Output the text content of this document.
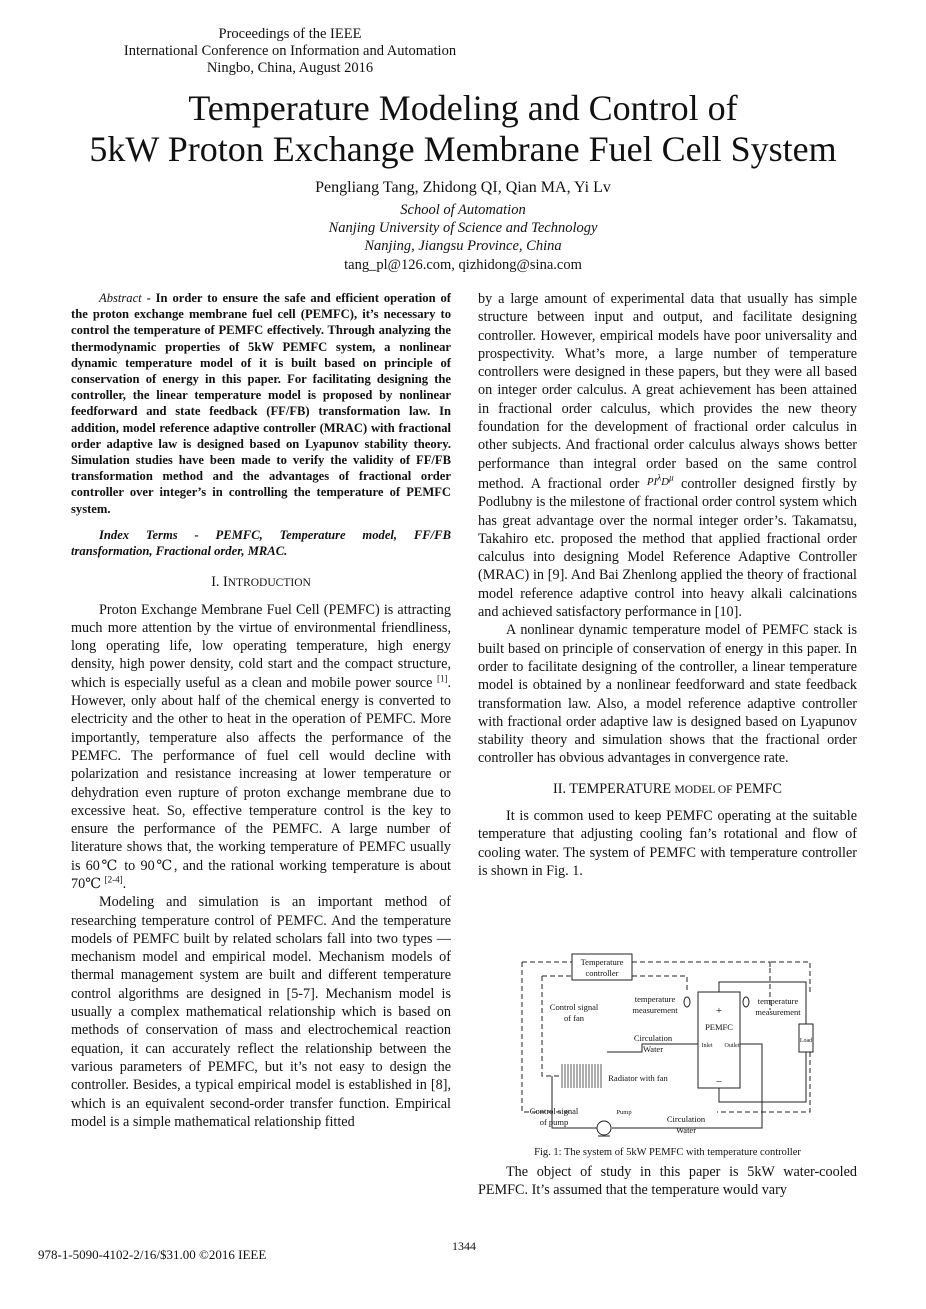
Proceedings of the IEEE
International Conference on Information and Automation
Ningbo, China, August 2016
Temperature Modeling and Control of
5kW Proton Exchange Membrane Fuel Cell System
Pengliang Tang, Zhidong QI, Qian MA, Yi Lv
School of Automation
Nanjing University of Science and Technology
Nanjing, Jiangsu Province, China
tang_pl@126.com, qizhidong@sina.com

Abstract - In order to ensure the safe and efficient operation of the proton exchange membrane fuel cell (PEMFC), it’s necessary to control the temperature of PEMFC effectively. Through analyzing the thermodynamic properties of 5kW PEMFC system, a nonlinear dynamic temperature model of it is built based on principle of conservation of energy in this paper. For facilitating designing the controller, the linear temperature model is proposed by nonlinear feedforward and state feedback (FF/FB) transformation law. In addition, model reference adaptive controller (MRAC) with fractional order adaptive law is designed based on Lyapunov stability theory. Simulation studies have been made to verify the validity of FF/FB transformation method and the advantages of fractional order controller over integer’s in controlling the temperature of PEMFC system.

Index Terms - PEMFC, Temperature model, FF/FB transformation, Fractional order, MRAC.

I. INTRODUCTION

Proton Exchange Membrane Fuel Cell (PEMFC) is attracting much more attention by the virtue of environmental friendliness, long operating life, low operating temperature, high energy density, high power density, cold start and the compact structure, which is especially useful as a clean and mobile power source [1]. However, only about half of the chemical energy is converted to electricity and the other to heat in the operation of PEMFC. More importantly, temperature also affects the performance of the PEMFC. The performance of fuel cell would decline with polarization and resistance increasing at lower temperature or dehydration even rupture of proton exchange membrane due to excessive heat. So, effective temperature control is the key to ensure the performance of the PEMFC. A large number of literature shows that, the working temperature of PEMFC usually is 60℃ to 90℃, and the rational working temperature is about 70℃ [2-4].

Modeling and simulation is an important method of researching temperature control of PEMFC. And the temperature models of PEMFC built by related scholars fall into two types — mechanism model and empirical model. Mechanism models of thermal management system are built and different temperature control algorithms are designed in [5-7]. Mechanism model is usually a complex mathematical relationship which is based on methods of conservation of mass and electrochemical reaction equation, it can accurately reflect the relationship between the various parameters of PEMFC, but it’s not easy to design the controller. Besides, a typical empirical model is established in [8], which is an equivalent second-order transfer function. Empirical model is a simple mathematical relationship fitted

by a large amount of experimental data that usually has simple structure between input and output, and facilitate designing controller. However, empirical models have poor universality and prospectivity. What’s more, a large number of temperature controllers were designed in these papers, but they were all based on integer order calculus. A great achievement has been attained in fractional order calculus, which provides the new theory foundation for the development of fractional order calculus in other subjects. And fractional order calculus always shows better performance than integral order based on the same control method. A fractional order $^{PI^\lambda D^\mu}$ controller designed firstly by Podlubny is the milestone of fractional order control system which has great advantage over the normal integer order’s. Takamatsu, Takahiro etc. proposed the method that applied fractional order calculus into designing Model Reference Adaptive Controller (MRAC) in [9]. And Bai Zhenlong applied the theory of fractional model reference adaptive control into heavy alkali calcinations and achieved satisfactory performance in [10].

A nonlinear dynamic temperature model of PEMFC stack is built based on principle of conservation of energy in this paper. In order to facilitate designing of the controller, a linear temperature model is obtained by a nonlinear feedforward and state feedback transformation law. Also, a model reference adaptive controller with fractional order adaptive law is designed based on Lyapunov stability theory and simulation shows that the fractional order controller has obvious advantages in convergence rate.

II. TEMPERATURE MODEL OF PEMFC

It is common used to keep PEMFC operating at the suitable temperature that adjusting cooling fan’s rotational and flow of cooling water. The system of PEMFC with temperature controller is shown in Fig. 1.

Temperature
controller
Control signal
of fan
temperature
measurement
temperature
measurement
PEMFC
+
−
Inlet Outlet
Load
Circulation
Water
Radiator with fan
Control signal
of pump
Pump
Circulation
Water
Fig. 1: The system of 5kW PEMFC with temperature controller

The object of study in this paper is 5kW water-cooled PEMFC. It’s assumed that the temperature would vary

978-1-5090-4102-2/16/$31.00 ©2016 IEEE
1344
